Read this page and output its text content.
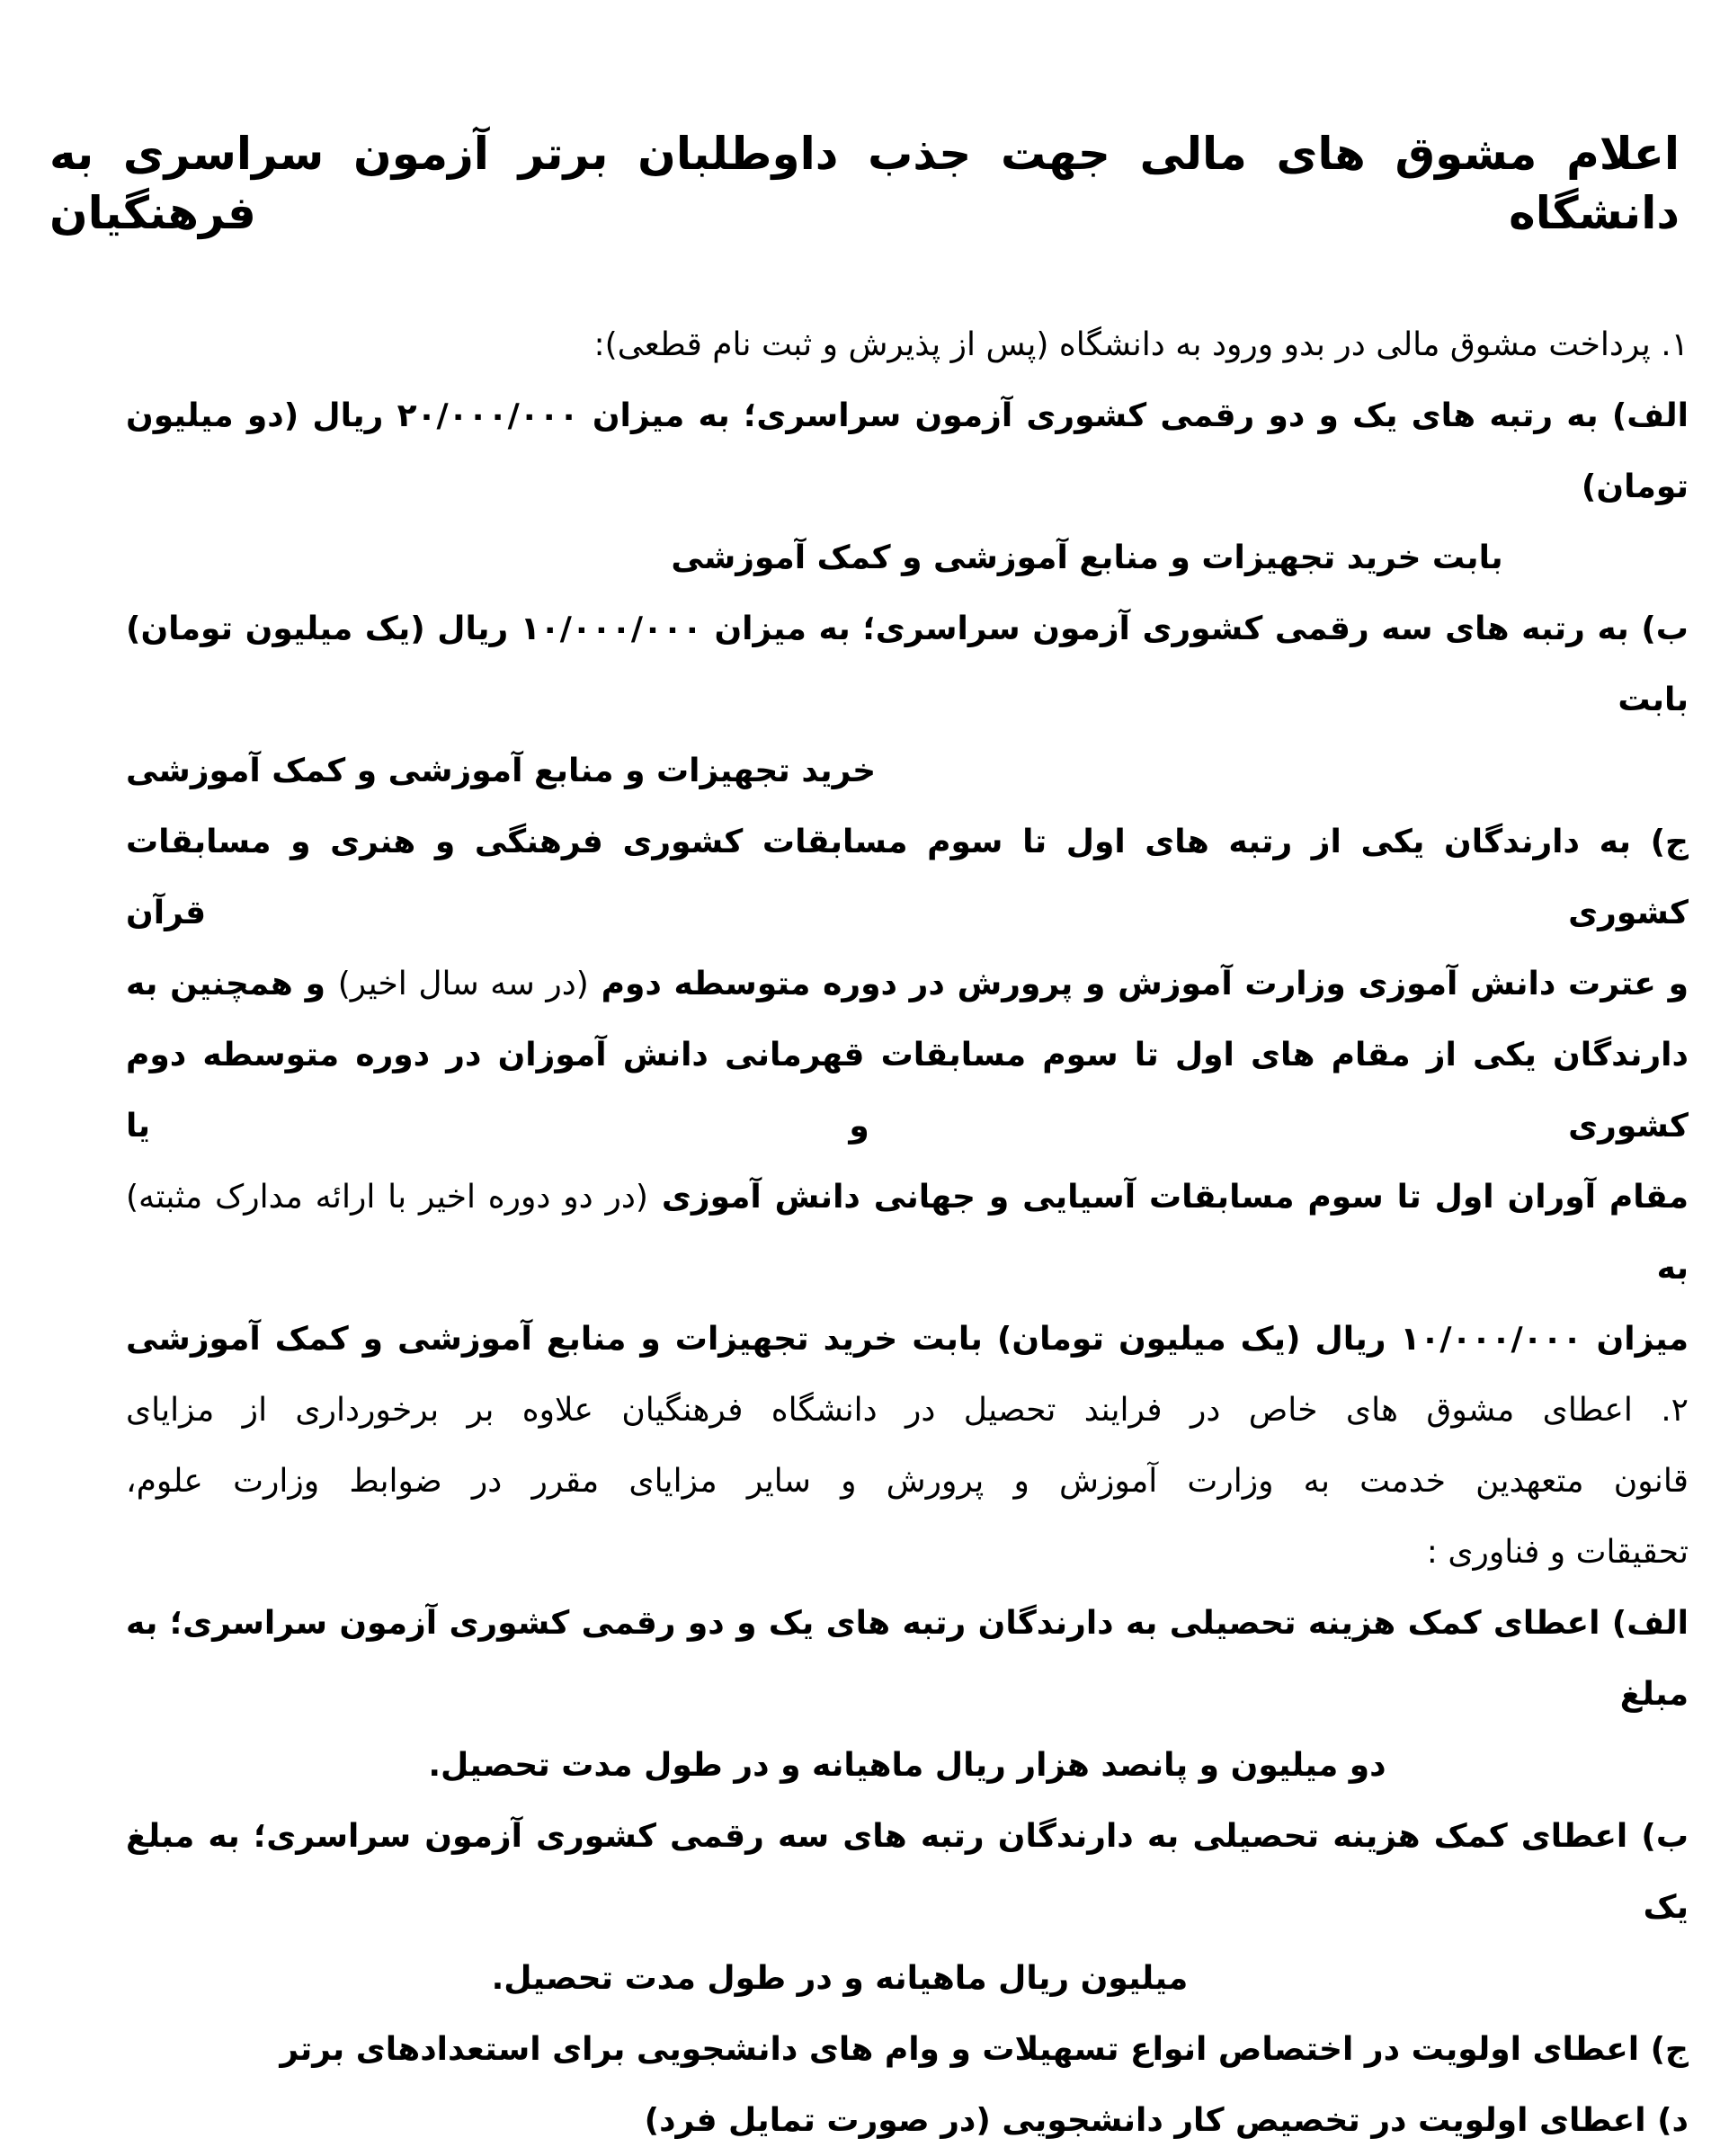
اعلام مشوق های مالی جهت جذب داوطلبان برتر آزمون سراسری به دانشگاه فرهنگیان
۱. پرداخت مشوق مالی در بدو ورود به دانشگاه (پس از پذیرش و ثبت نام قطعی):
الف) به رتبه های یک و دو رقمی کشوری آزمون سراسری؛ به میزان ۲۰/۰۰۰/۰۰۰ ریال (دو میلیون تومان)
بابت خرید تجهیزات و منابع آموزشی و کمک آموزشی
ب) به رتبه های سه رقمی کشوری آزمون سراسری؛ به میزان ۱۰/۰۰۰/۰۰۰ ریال (یک میلیون تومان) بابت
خرید تجهیزات و منابع آموزشی و کمک آموزشی
ج) به دارندگان یکی از رتبه های اول تا سوم مسابقات کشوری فرهنگی و هنری و مسابقات کشوری قرآن
و عترت دانش آموزی وزارت آموزش و پرورش در دوره متوسطه دوم (در سه سال اخیر) و همچنین به
دارندگان یکی از مقام های اول تا سوم مسابقات قهرمانی دانش آموزان در دوره متوسطه دوم کشوری و یا
مقام آوران اول تا سوم مسابقات آسیایی و جهانی دانش آموزی (در دو دوره اخیر با ارائه مدارک مثبته) به
میزان ۱۰/۰۰۰/۰۰۰ ریال (یک میلیون تومان) بابت خرید تجهیزات و منابع آموزشی و کمک آموزشی
۲. اعطای مشوق های خاص در فرایند تحصیل در دانشگاه فرهنگیان علاوه بر برخورداری از مزایای
قانون متعهدین خدمت به وزارت آموزش و پرورش و سایر مزایای مقرر در ضوابط وزارت علوم،
تحقیقات و فناوری :
الف) اعطای کمک هزینه تحصیلی به دارندگان رتبه های یک و دو رقمی کشوری آزمون سراسری؛ به مبلغ
دو میلیون و پانصد هزار ریال ماهیانه و در طول مدت تحصیل.
ب) اعطای کمک هزینه تحصیلی به دارندگان رتبه های سه رقمی کشوری آزمون سراسری؛ به مبلغ یک
میلیون ریال ماهیانه و در طول مدت تحصیل.
ج) اعطای اولویت در اختصاص انواع تسهیلات و وام های دانشجویی برای استعدادهای برتر
د) اعطای اولویت در تخصیص کار دانشجویی (در صورت تمایل فرد)
